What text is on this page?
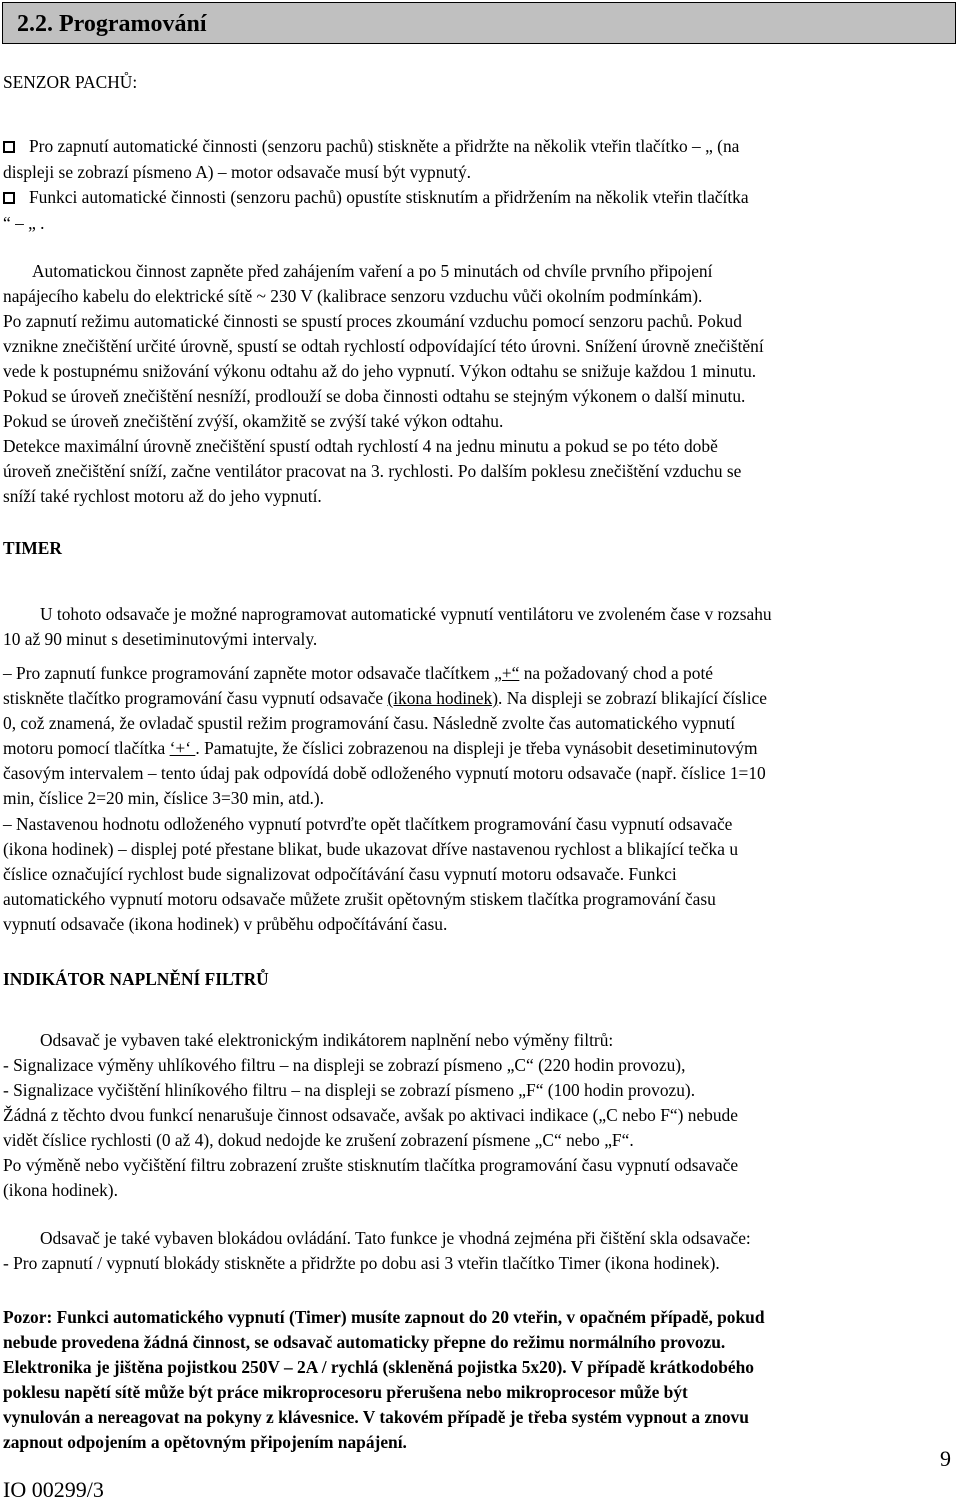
2.2. Programování
SENZOR PACHŮ:
Pro zapnutí automatické činnosti (senzoru pachů) stiskněte a přidržte na několik vteřin tlačítko – „ (na
displeji se zobrazí písmeno A) – motor odsavače musí být vypnutý.
Funkci automatické činnosti (senzoru pachů) opustíte stisknutím a přidržením na několik vteřin tlačítka
“ – „ .

Automatickou činnost zapněte před zahájením vaření a po 5 minutách od chvíle prvního připojení

napájecího kabelu do elektrické sítě ~ 230 V (kalibrace senzoru vzduchu vůči okolním podmínkám).

Po zapnutí režimu automatické činnosti se spustí proces zkoumání vzduchu pomocí senzoru pachů. Pokud

vznikne znečištění určité úrovně, spustí se odtah rychlostí odpovídající této úrovni. Snížení úrovně znečištění

vede k postupnému snižování výkonu odtahu až do jeho vypnutí. Výkon odtahu se snižuje každou 1 minutu.

Pokud se úroveň znečištění nesníží, prodlouží se doba činnosti odtahu se stejným výkonem o další minutu.

Pokud se úroveň znečištění zvýší, okamžitě se zvýší také výkon odtahu.

Detekce maximální úrovně znečištění spustí odtah rychlostí 4 na jednu minutu a pokud se po této době

úroveň znečištění sníží, začne ventilátor pracovat na 3. rychlosti. Po dalším poklesu znečištění vzduchu se

sníží také rychlost motoru až do jeho vypnutí.

TIMER

U tohoto odsavače je možné naprogramovat automatické vypnutí ventilátoru ve zvoleném čase v rozsahu

10 až 90 minut s desetiminutovými intervaly.

– Pro zapnutí funkce programování zapněte motor odsavače tlačítkem „+“ na požadovaný chod a poté

stiskněte tlačítko programování času vypnutí odsavače (ikona hodinek). Na displeji se zobrazí blikající číslice

0, což znamená, že ovladač spustil režim programování času. Následně zvolte čas automatického vypnutí

motoru pomocí tlačítka ‘+‘ . Pamatujte, že číslici zobrazenou na displeji je třeba vynásobit desetiminutovým

časovým intervalem – tento údaj pak odpovídá době odloženého vypnutí motoru odsavače (např. číslice 1=10

min, číslice 2=20 min, číslice 3=30 min, atd.).

– Nastavenou hodnotu odloženého vypnutí potvrďte opět tlačítkem programování času vypnutí odsavače

(ikona hodinek) – displej poté přestane blikat, bude ukazovat dříve nastavenou rychlost a blikající tečka u

číslice označující rychlost bude signalizovat odpočítávání času vypnutí motoru odsavače. Funkci

automatického vypnutí motoru odsavače můžete zrušit opětovným stiskem tlačítka programování času

vypnutí odsavače (ikona hodinek) v průběhu odpočítávání času.

INDIKÁTOR NAPLNĚNÍ FILTRŮ

Odsavač je vybaven také elektronickým indikátorem naplnění nebo výměny filtrů:

- Signalizace výměny uhlíkového filtru – na displeji se zobrazí písmeno „C“ (220 hodin provozu),

- Signalizace vyčištění hliníkového filtru – na displeji se zobrazí písmeno „F“ (100 hodin provozu).

Žádná z těchto dvou funkcí nenarušuje činnost odsavače, avšak po aktivaci indikace („C nebo F“) nebude

vidět číslice rychlosti (0 až 4), dokud nedojde ke zrušení zobrazení písmene „C“ nebo „F“.

Po výměně nebo vyčištění filtru zobrazení zrušte stisknutím tlačítka programování času vypnutí odsavače

(ikona hodinek).

Odsavač je také vybaven blokádou ovládání. Tato funkce je vhodná zejména při čištění skla odsavače:

- Pro zapnutí / vypnutí blokády stiskněte a přidržte po dobu asi 3 vteřin tlačítko Timer (ikona hodinek).

Pozor: Funkci automatického vypnutí (Timer) musíte zapnout do 20 vteřin, v opačném případě, pokud

nebude provedena žádná činnost, se odsavač automaticky přepne do režimu normálního provozu.

Elektronika je jištěna pojistkou 250V – 2A / rychlá (skleněná pojistka 5x20). V případě krátkodobého

poklesu napětí sítě může být práce mikroprocesoru přerušena nebo mikroprocesor může být

vynulován a nereagovat na pokyny z klávesnice. V takovém případě je třeba systém vypnout a znovu

zapnout odpojením a opětovným připojením napájení.

9
IO 00299/3
